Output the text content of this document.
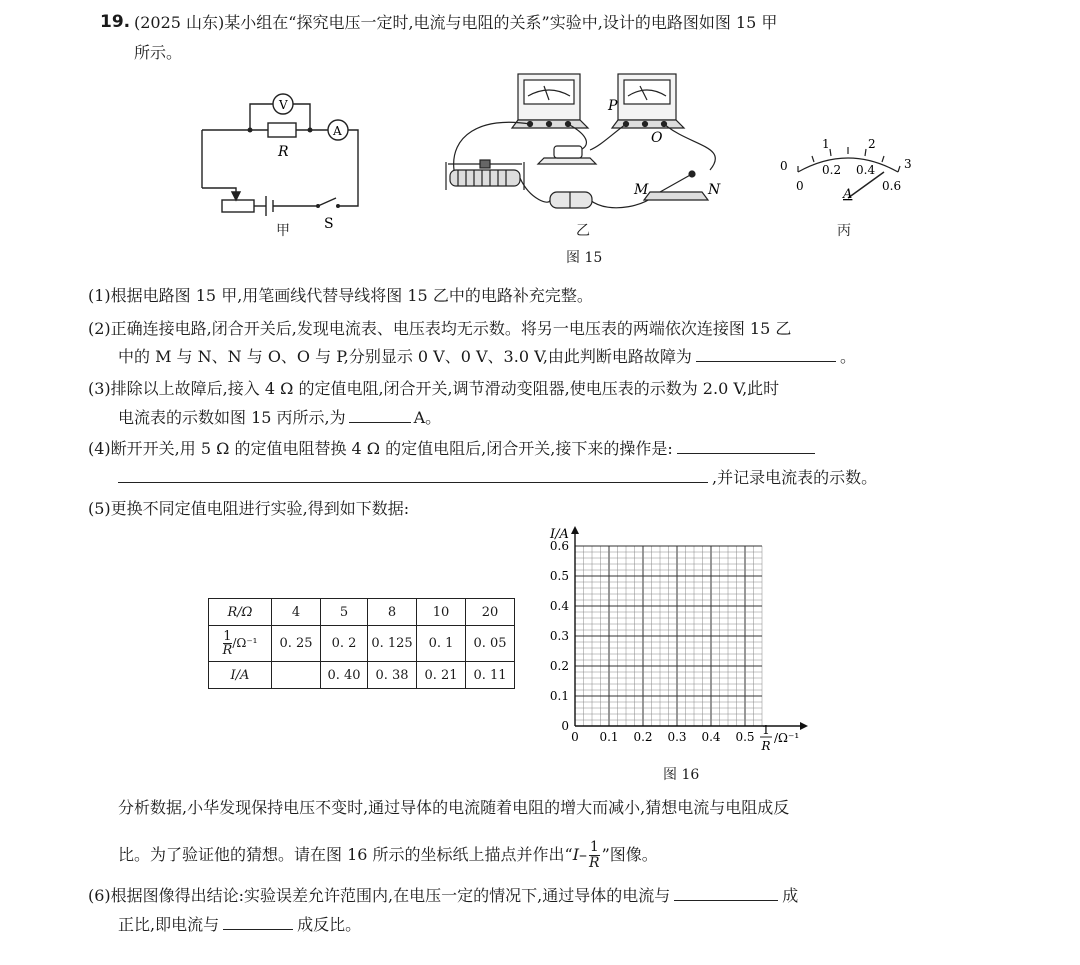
19. (2025 山东)某小组在“探究电压一定时,电流与电阻的关系”实验中,设计的电路图如图 15 甲
所示。
V
A
R
S
甲
P
O
M	N
乙
0
1	2
3
0
0.2 0.4
0.6
A
丙
图 15
(1)根据电路图 15 甲,用笔画线代替导线将图 15 乙中的电路补充完整。
(2)正确连接电路,闭合开关后,发现电流表、电压表均无示数。将另一电压表的两端依次连接图 15 乙
中的 M 与 N、N 与 O、O 与 P,分别显示 0 V、0 V、3.0 V,由此判断电路故障为	。
(3)排除以上故障后,接入 4 Ω 的定值电阻,闭合开关,调节滑动变阻器,使电压表的示数为 2.0 V,此时
电流表的示数如图 15 丙所示,为	A。
(4)断开开关,用 5 Ω 的定值电阻替换 4 Ω 的定值电阻后,闭合开关,接下来的操作是:
,并记录电流表的示数。
(5)更换不同定值电阻进行实验,得到如下数据:
R/Ω	4	5	8	10	20

$\frac{1}{R} /\Omega^{-1}$	0. 25	0. 2	0. 125	0. 1	0. 05
I/A		0. 40	0. 38	0. 21	0. 11
0 0.1 0.2 0.3 0.4 0.5
0
0.1
0.2
0.3
0.4
0.5
0.6
I/A
1
R
/Ω⁻¹
图 16
分析数据,小华发现保持电压不变时,通过导体的电流随着电阻的增大而减小,猜想电流与电阻成反
比。为了验证他的猜想。请在图 16 所示的坐标纸上描点并作出“$I- \frac{1}{R}$ ”图像。
(6)根据图像得出结论:实验误差允许范围内,在电压一定的情况下,通过导体的电流与	成
正比,即电流与	成反比。
